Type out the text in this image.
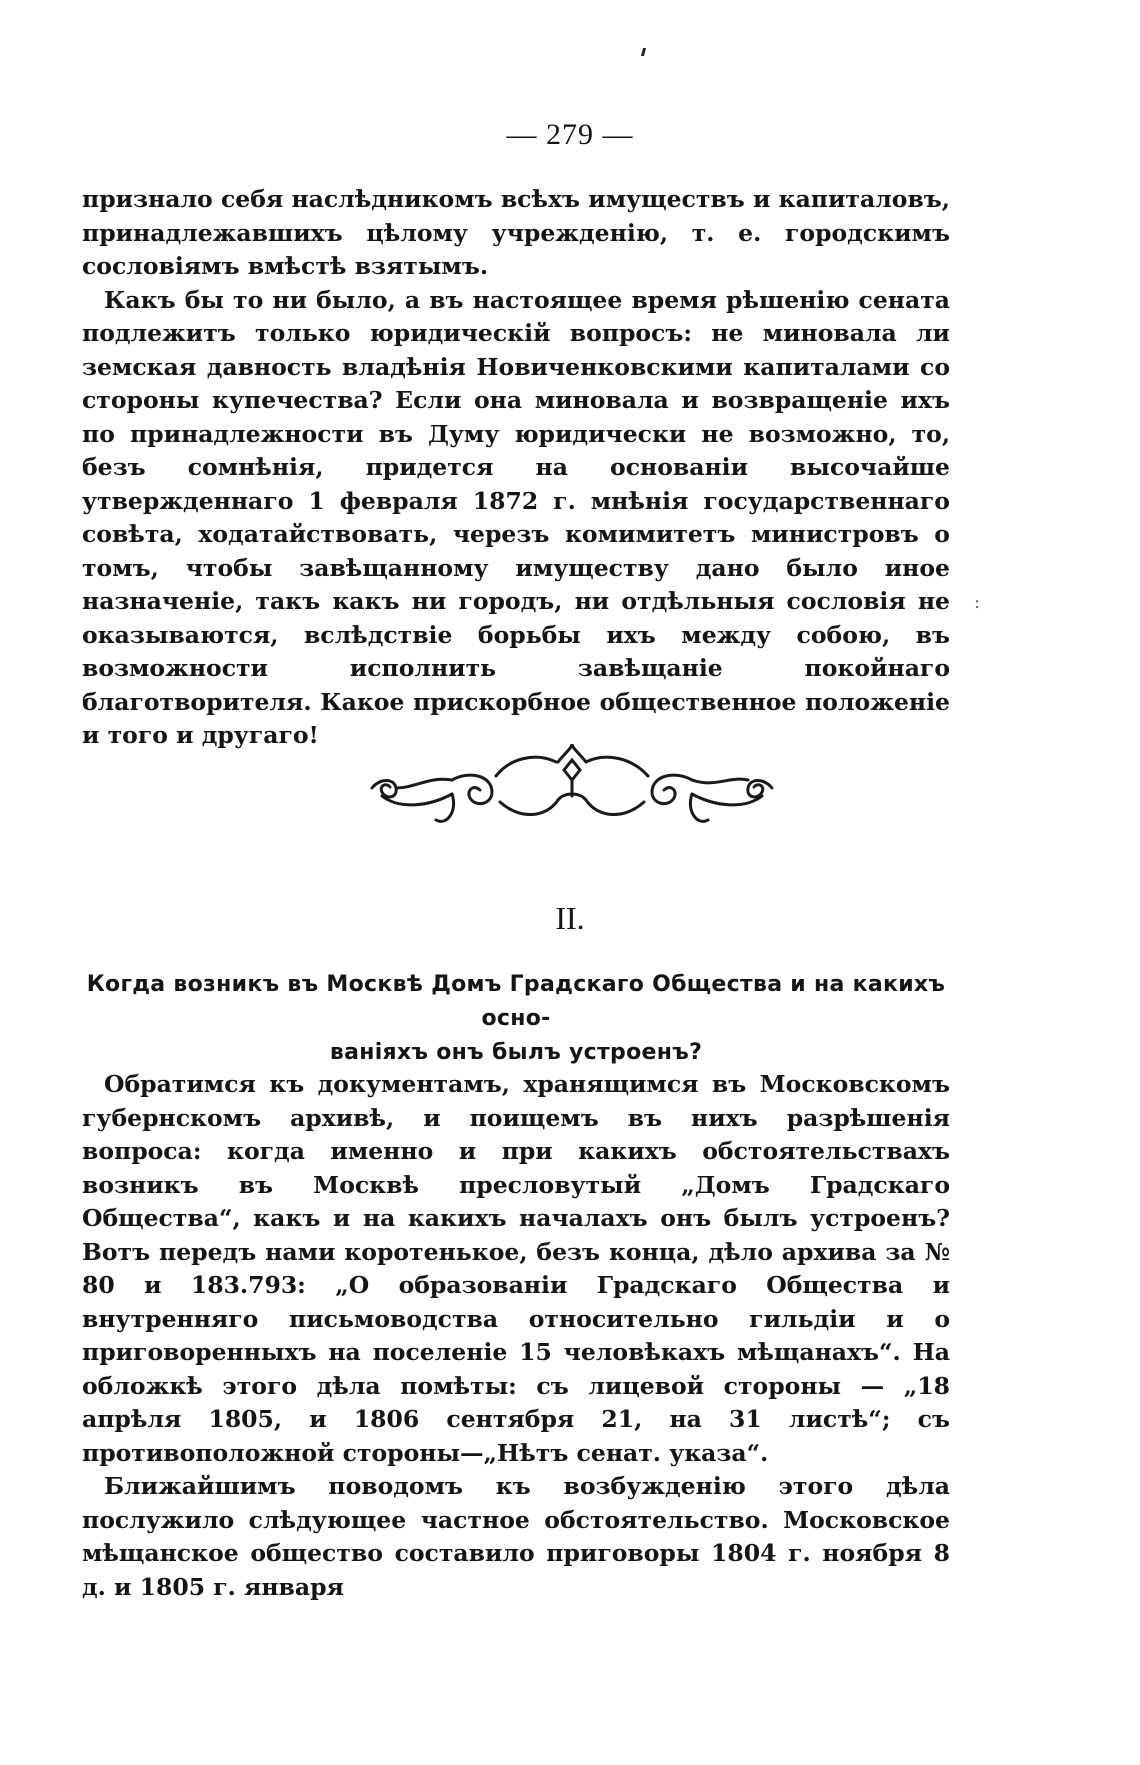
— 279 —

признало себя наслѣдникомъ всѣхъ имуществъ и капиталовъ, принадлежавшихъ цѣлому учрежденію, т. е. городскимъ сословіямъ вмѣстѣ взятымъ.

Какъ бы то ни было, а въ настоящее время рѣшенію сената подлежитъ только юридическій вопросъ: не миновала ли земская давность владѣнія Новиченковскими капиталами со стороны купечества? Если она миновала и возвращеніе ихъ по принадлежности въ Думу юридически не возможно, то, безъ сомнѣнія, придется на основаніи высочайше утвержденнаго 1 февраля 1872 г. мнѣнія государственнаго совѣта, ходатайствовать, черезъ комимитетъ министровъ о томъ, чтобы завѣщанному имуществу дано было иное назначеніе, такъ какъ ни городъ, ни отдѣльныя сословія не оказываются, вслѣдствіе борьбы ихъ между собою, въ возможности исполнить завѣщаніе покойнаго благотворителя. Какое прискорбное общественное положеніе и того и другаго!

II.
Когда возникъ въ Москвѣ Домъ Градскаго Общества и на какихъ осно-
ваніяхъ онъ былъ устроенъ?

Обратимся къ документамъ, хранящимся въ Московскомъ губернскомъ архивѣ, и поищемъ въ нихъ разрѣшенія вопроса: когда именно и при какихъ обстоятельствахъ возникъ въ Москвѣ пресловутый „Домъ Градскаго Общества“, какъ и на какихъ началахъ онъ былъ устроенъ? Вотъ передъ нами коротенькое, безъ конца, дѣло архива за № 80 и 183.793: „О образованіи Градскаго Общества и внутренняго письмоводства относительно гильдіи и о приговоренныхъ на поселеніе 15 человѣкахъ мѣщанахъ“. На обложкѣ этого дѣла помѣты: съ лицевой стороны — „18 апрѣля 1805, и 1806 сентября 21, на 31 листѣ“; съ противоположной стороны—„Нѣтъ сенат. указа“.

Ближайшимъ поводомъ къ возбужденію этого дѣла послужило слѣдующее частное обстоятельство. Московское мѣщанское общество составило приговоры 1804 г. ноября 8 д. и 1805 г. января

:
